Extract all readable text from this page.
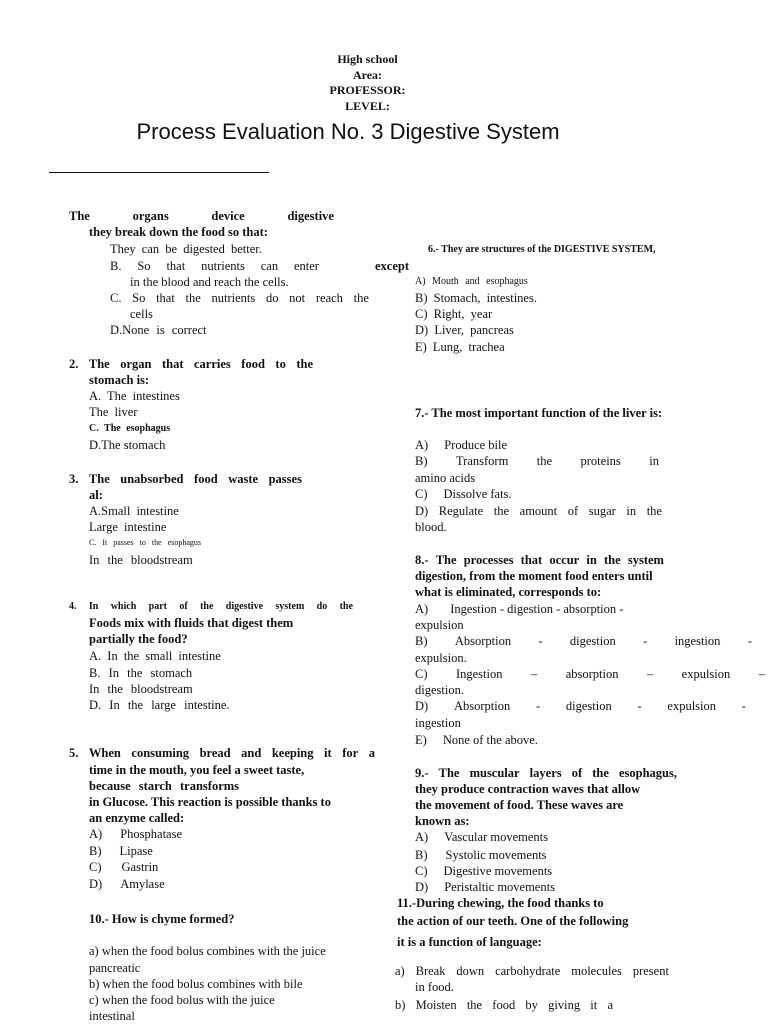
High school
Area:
PROFESSOR:
LEVEL:
Process Evaluation No. 3 Digestive System
The	organs	device	digestive
they break down the food so that:
They can be digested better.
B. So that nutrients can enter
in the blood and reach the cells.
C. So that the nutrients do not reach the
cells
D.None is correct
2. The organ that carries food to the
stomach is:
A. The intestines
The liver
C. The esophagus
D.The stomach
3. The unabsorbed food waste passes
al:
A.Small intestine
Large intestine
C. It passes to the esophagus
In the bloodstream
4. In which part of the digestive system do the
Foods mix with fluids that digest them
partially the food?
A. In the small intestine
B. In the stomach
In the bloodstream
D. In the large intestine.
5. When consuming bread and keeping it for a
time in the mouth, you feel a sweet taste,
because starch transforms
in Glucose. This reaction is possible thanks to
an enzyme called:
A) Phosphatase
B) Lipase
C) Gastrin
D) Amylase
10.- How is chyme formed?
a) when the food bolus combines with the juice
pancreatic
b) when the food bolus combines with bile
c) when the food bolus with the juice
intestinal
6.- They are structures of the DIGESTIVE SYSTEM,
except
A) Mouth and esophagus
B) Stomach, intestines.
C) Right, year
D) Liver, pancreas
E) Lung, trachea
7.- The most important function of the liver is:
A) Produce bile
B) Transform the proteins in
amino acids
C) Dissolve fats.
D) Regulate the amount of sugar in the
blood.
8.- The processes that occur in the system
digestion, from the moment food enters until
what is eliminated, corresponds to:
A) Ingestion - digestion - absorption -
expulsion
B) Absorption - digestion - ingestion -
expulsion.
C) Ingestion – absorption – expulsion –
digestion.
D) Absorption - digestion - expulsion -
ingestion
E) None of the above.
9.- The muscular layers of the esophagus,
they produce contraction waves that allow
the movement of food. These waves are
known as:
A) Vascular movements
B) Systolic movements
C) Digestive movements
D) Peristaltic movements
11.-During chewing, the food thanks to
the action of our teeth. One of the following
it is a function of language:
a) Break down carbohydrate molecules present
in food.
b) Moisten the food by giving it a
